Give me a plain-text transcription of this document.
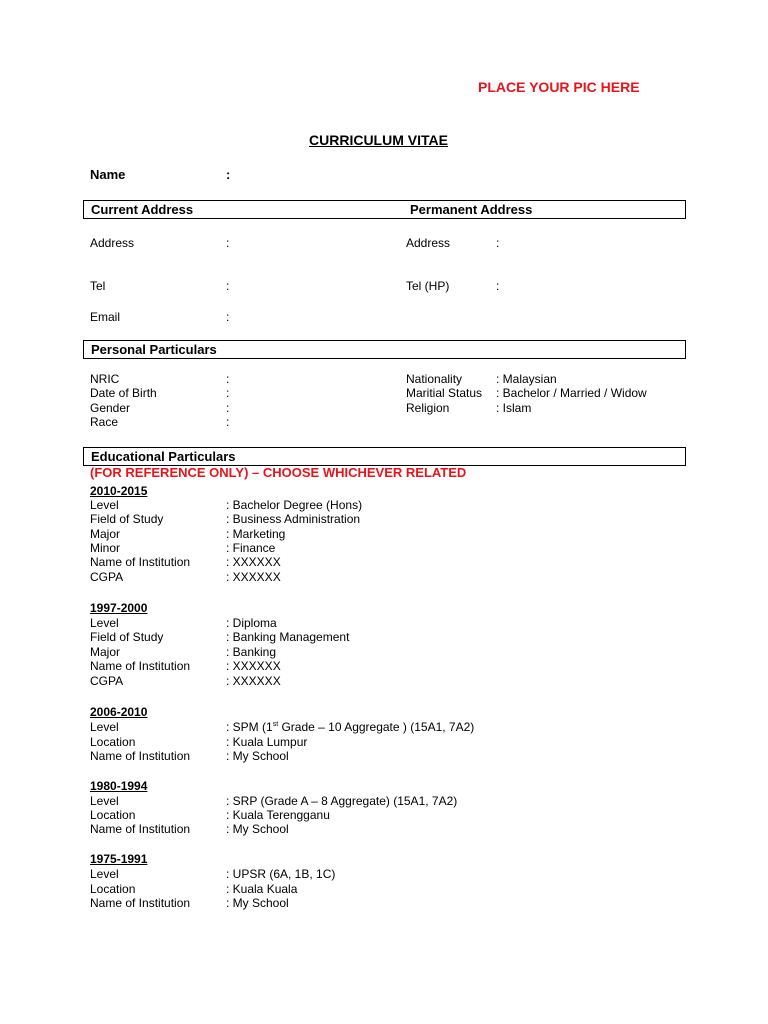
PLACE YOUR PIC HERE
CURRICULUM VITAE
Name	:
Current Address	Permanent Address
Address	:
Tel	:
Email	:
Address	:
Tel (HP)	:
Personal Particulars
NRIC	:
Date of Birth	:
Gender	:
Race	:
Nationality	: Malaysian
Maritial Status : Bachelor / Married / Widow
Religion	: Islam
Educational Particulars
(FOR REFERENCE ONLY) – CHOOSE WHICHEVER RELATED
2010-2015
Level	: Bachelor Degree (Hons)
Field of Study	: Business Administration
Major	: Marketing
Minor	: Finance
Name of Institution	: XXXXXX
CGPA	: XXXXXX
1997-2000
Level	: Diploma
Field of Study	: Banking Management
Major	: Banking
Name of Institution	: XXXXXX
CGPA	: XXXXXX
2006-2010
Level	: SPM (1st Grade – 10 Aggregate ) (15A1, 7A2)
Location	: Kuala Lumpur
Name of Institution	: My School
1980-1994
Level	: SRP (Grade A – 8 Aggregate) (15A1, 7A2)
Location	: Kuala Terengganu
Name of Institution	: My School
1975-1991
Level	: UPSR (6A, 1B, 1C)
Location	: Kuala Kuala
Name of Institution	: My School
